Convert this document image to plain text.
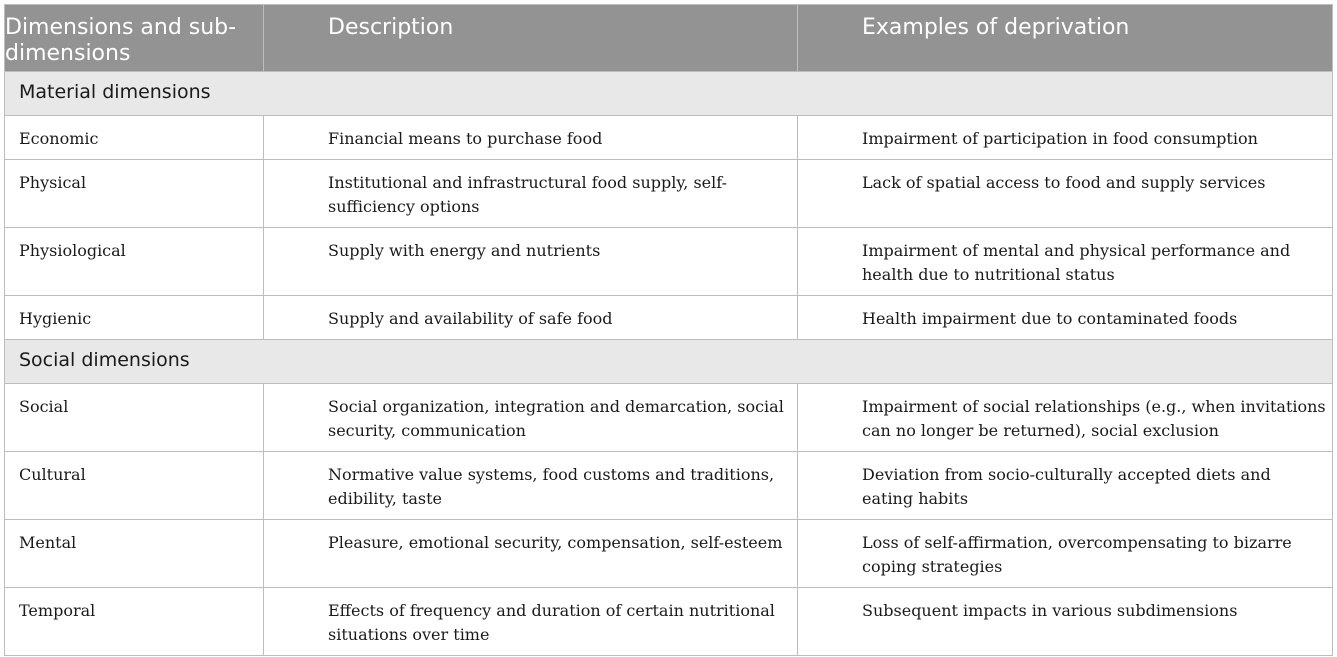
Dimensions and sub-dimensions	Description	Examples of deprivation
Material dimensions		
Economic	Financial means to purchase food	Impairment of participation in food consumption
Physical	Institutional and infrastructural food supply, self-sufficiency options	Lack of spatial access to food and supply services
Physiological	Supply with energy and nutrients	Impairment of mental and physical performance and health due to nutritional status
Hygienic	Supply and availability of safe food	Health impairment due to contaminated foods
Social dimensions		
Social	Social organization, integration and demarcation, social security, communication	Impairment of social relationships (e.g., when invitations can no longer be returned), social exclusion
Cultural	Normative value systems, food customs and traditions, edibility, taste	Deviation from socio-culturally accepted diets and eating habits
Mental	Pleasure, emotional security, compensation, self-esteem	Loss of self-affirmation, overcompensating to bizarre coping strategies
Temporal	Effects of frequency and duration of certain nutritional situations over time	Subsequent impacts in various subdimensions
